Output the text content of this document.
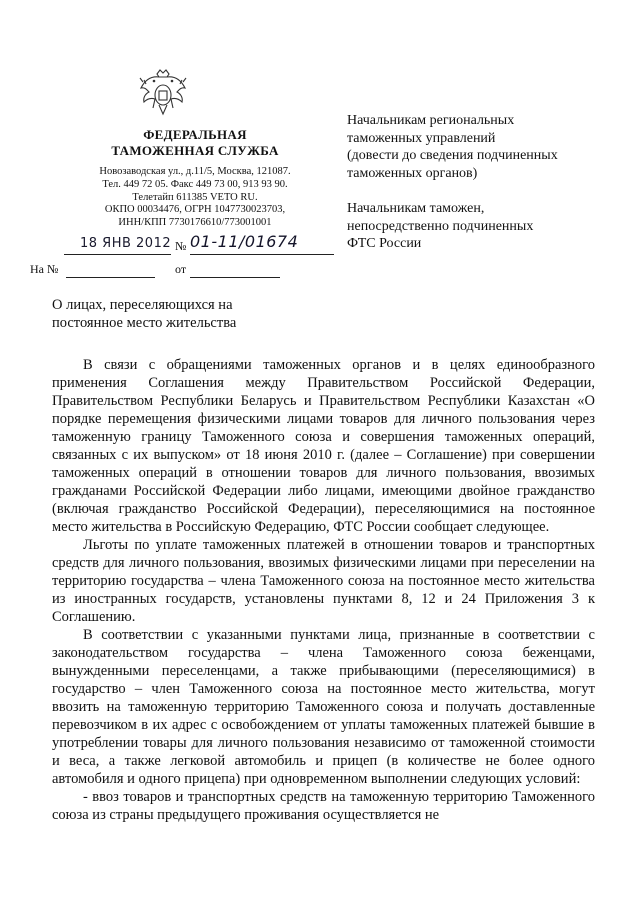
ФЕДЕРАЛЬНАЯ
ТАМОЖЕННАЯ СЛУЖБА
Новозаводская ул., д.11/5, Москва, 121087.
Тел. 449 72 05. Факс 449 73 00, 913 93 90.
Телетайп 611385 VETO RU.
ОКПО 00034476, ОГРН 1047730023703,
ИНН/КПП 7730176610/773001001
18 ЯНВ 2012 № 01-11/01674
На №	от

Начальникам региональных

таможенных управлений

(довести до сведения подчиненных

таможенных органов)

Начальникам таможен,

непосредственно подчиненных

ФТС России

О лицах, переселяющихся на
постоянное место жительства

В связи с обращениями таможенных органов и в целях единообразного применения Соглашения между Правительством Российской Федерации, Правительством Республики Беларусь и Правительством Республики Казахстан «О порядке перемещения физическими лицами товаров для личного пользования через таможенную границу Таможенного союза и совершения таможенных операций, связанных с их выпуском» от 18 июня 2010 г. (далее – Соглашение) при совершении таможенных операций в отношении товаров для личного пользования, ввозимых гражданами Российской Федерации либо лицами, имеющими двойное гражданство (включая гражданство Российской Федерации), переселяющимися на постоянное место жительства в Российскую Федерацию, ФТС России сообщает следующее.

Льготы по уплате таможенных платежей в отношении товаров и транспортных средств для личного пользования, ввозимых физическими лицами при переселении на территорию государства – члена Таможенного союза на постоянное место жительства из иностранных государств, установлены пунктами 8, 12 и 24 Приложения 3 к Соглашению.

В соответствии с указанными пунктами лица, признанные в соответствии с законодательством государства – члена Таможенного союза беженцами, вынужденными переселенцами, а также прибывающими (переселяющимися) в государство – член Таможенного союза на постоянное место жительства, могут ввозить на таможенную территорию Таможенного союза и получать доставленные перевозчиком в их адрес с освобождением от уплаты таможенных платежей бывшие в употреблении товары для личного пользования независимо от таможенной стоимости и веса, а также легковой автомобиль и прицеп (в количестве не более одного автомобиля и одного прицепа) при одновременном выполнении следующих условий:

- ввоз товаров и транспортных средств на таможенную территорию Таможенного союза из страны предыдущего проживания осуществляется не
